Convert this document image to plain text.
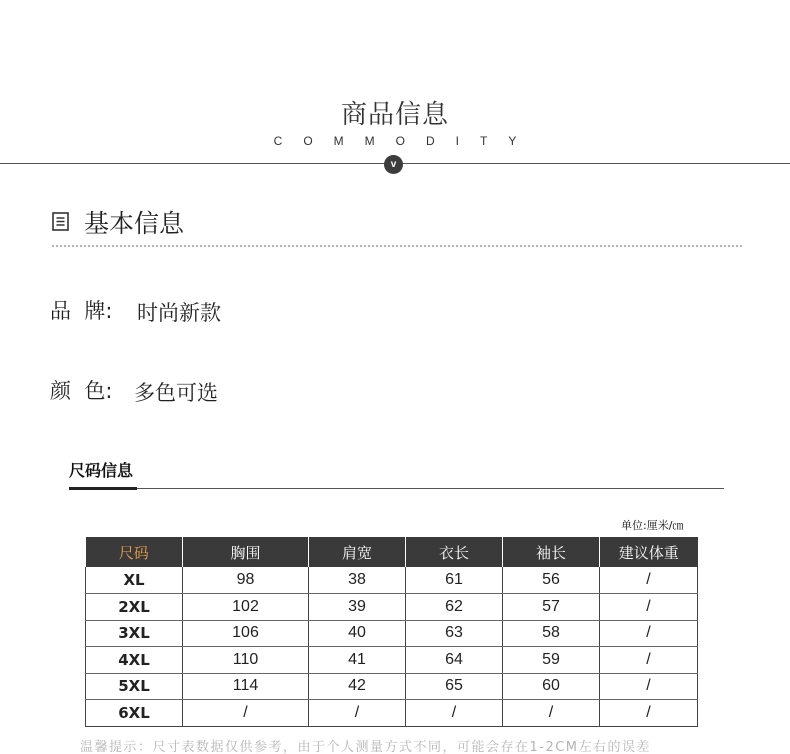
商品信息
COMMODITY
v
基本信息
品  牌: 时尚新款
颜  色: 多色可选
尺码信息
单位:厘米/㎝
尺码	胸围	肩宽	衣长	袖长	建议体重
XL	98	38	61	56	/
2XL	102	39	62	57	/
3XL	106	40	63	58	/
4XL	110	41	64	59	/
5XL	114	42	65	60	/
6XL	/	/	/	/	/
温馨提示：尺寸表数据仅供参考，由于个人测量方式不同，可能会存在1-2CM左右的误差
